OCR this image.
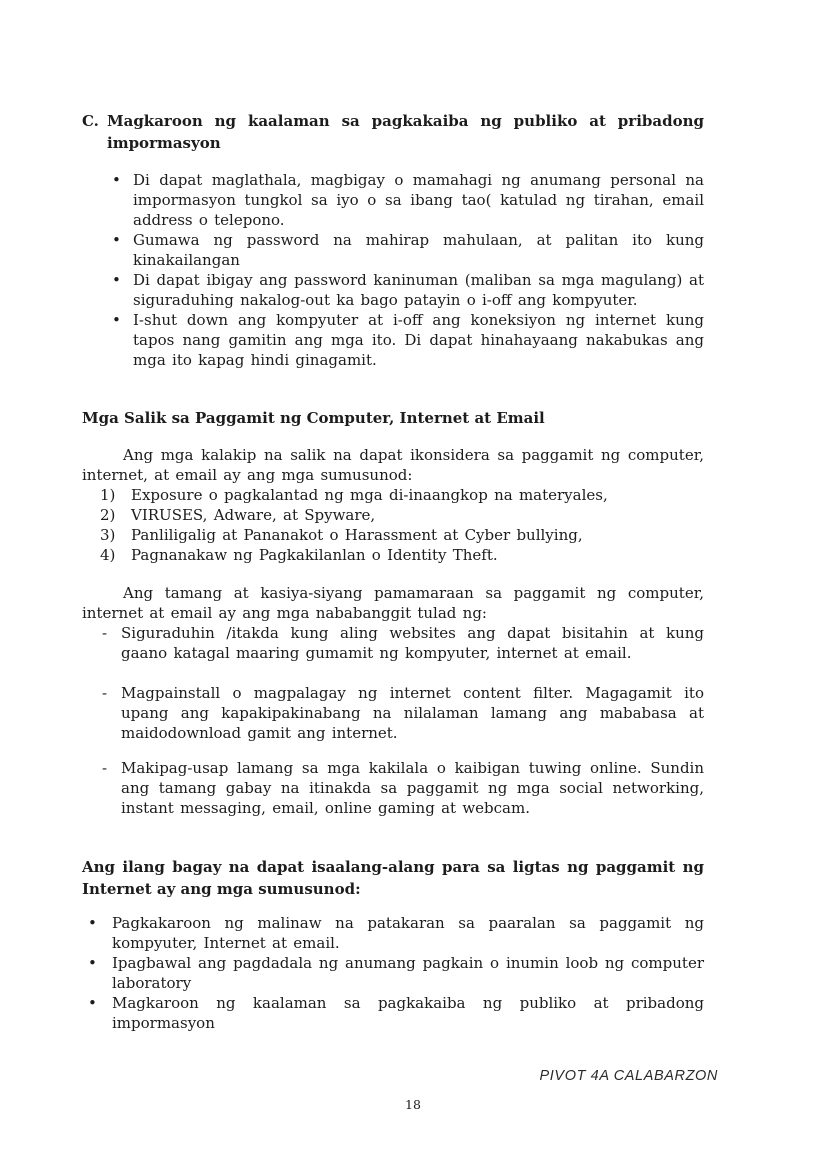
C. Magkaroon ng kaalaman sa pagkakaiba ng publiko at pribadong impormasyon
• Di dapat maglathala, magbigay o mamahagi ng anumang personal na impormasyon tungkol sa iyo o sa ibang tao( katulad ng tirahan, email address o telepono.
• Gumawa ng password na mahirap mahulaan, at palitan ito kung kinakailangan
• Di dapat ibigay ang password kaninuman (maliban sa mga magulang) at siguraduhing nakalog-out ka bago patayin o i-off ang kompyuter.
• I-shut down ang kompyuter at i-off ang koneksiyon ng internet kung tapos nang gamitin ang mga ito. Di dapat hinahayaang nakabukas ang mga ito kapag hindi ginagamit.
Mga Salik sa Paggamit ng Computer, Internet at Email

Ang mga kalakip na salik na dapat ikonsidera sa paggamit ng computer, internet, at email ay ang mga sumusunod:

1) Exposure o pagkalantad ng mga di-inaangkop na materyales,
2) VIRUSES, Adware, at Spyware,
3) Panliligalig at Pananakot o Harassment at Cyber bullying,
4) Pagnanakaw ng Pagkakilanlan o Identity Theft.

Ang tamang at kasiya-siyang pamamaraan sa paggamit ng computer, internet at email ay ang mga nababanggit tulad ng:

- Siguraduhin /itakda kung aling websites ang dapat bisitahin at kung gaano katagal maaring gumamit ng kompyuter, internet at email.
- Magpainstall o magpalagay ng internet content filter. Magagamit ito upang ang kapakipakinabang na nilalaman lamang ang mababasa at maidodownload gamit ang internet.
- Makipag-usap lamang sa mga kakilala o kaibigan tuwing online. Sundin ang tamang gabay na itinakda sa paggamit ng mga social networking, instant messaging, email, online gaming at webcam.
Ang ilang bagay na dapat isaalang-alang para sa ligtas ng paggamit ng Internet ay ang mga sumusunod:
• Pagkakaroon ng malinaw na patakaran sa paaralan sa paggamit ng kompyuter, Internet at email.
• Ipagbawal ang pagdadala ng anumang pagkain o inumin loob ng computer laboratory
• Magkaroon ng kaalaman sa pagkakaiba ng publiko at pribadong impormasyon
PIVOT 4A CALABARZON
18
